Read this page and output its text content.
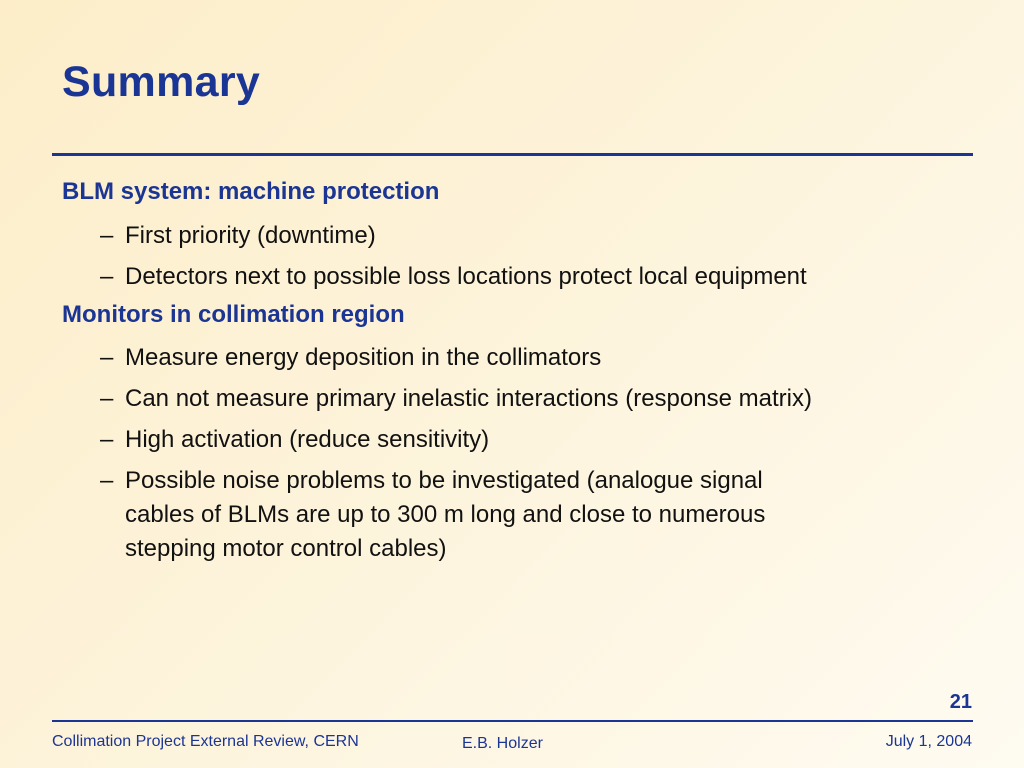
Summary
BLM system: machine protection
– First priority (downtime)
– Detectors next to possible loss locations protect local equipment
Monitors in collimation region
– Measure energy deposition in the collimators
– Can not measure primary inelastic interactions (response matrix)
– High activation (reduce sensitivity)
– Possible noise problems to be investigated (analogue signal
cables of BLMs are up to 300 m long and close to numerous
stepping motor control cables)
21
Collimation Project External Review, CERN	E.B. Holzer	July 1, 2004
